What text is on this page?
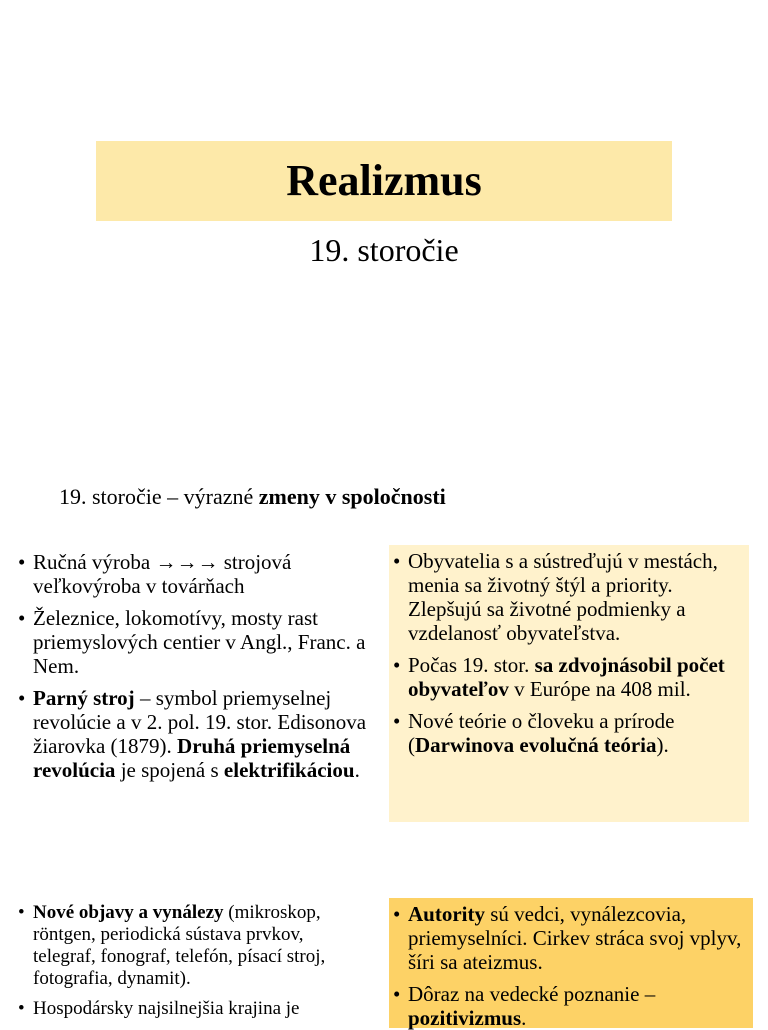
Realizmus
19. storočie
19. storočie – výrazné zmeny v spoločnosti
• Ručná výroba →→→ strojová veľkovýroba v továrňach
• Železnice, lokomotívy, mosty rast priemyslových centier v Angl., Franc. a Nem.
• Parný stroj – symbol priemyselnej revolúcie a v 2. pol. 19. stor. Edisonova žiarovka (1879). Druhá priemyselná revolúcia je spojená s elektrifikáciou.
• Obyvatelia s a sústreďujú v mestách, menia sa životný štýl a priority. Zlepšujú sa životné podmienky a vzdelanosť obyvateľstva.
• Počas 19. stor. sa zdvojnásobil počet obyvateľov v Európe na 408 mil.
• Nové teórie o človeku a prírode (Darwinova evolučná teória).
• Nové objavy a vynálezy (mikroskop, röntgen, periodická sústava prvkov, telegraf, fonograf, telefón, písací stroj, fotografia, dynamit).
• Hospodársky najsilnejšia krajina je
• Autority sú vedci, vynálezcovia, priemyselníci. Cirkev stráca svoj vplyv, šíri sa ateizmus.
• Dôraz na vedecké poznanie – pozitivizmus.
